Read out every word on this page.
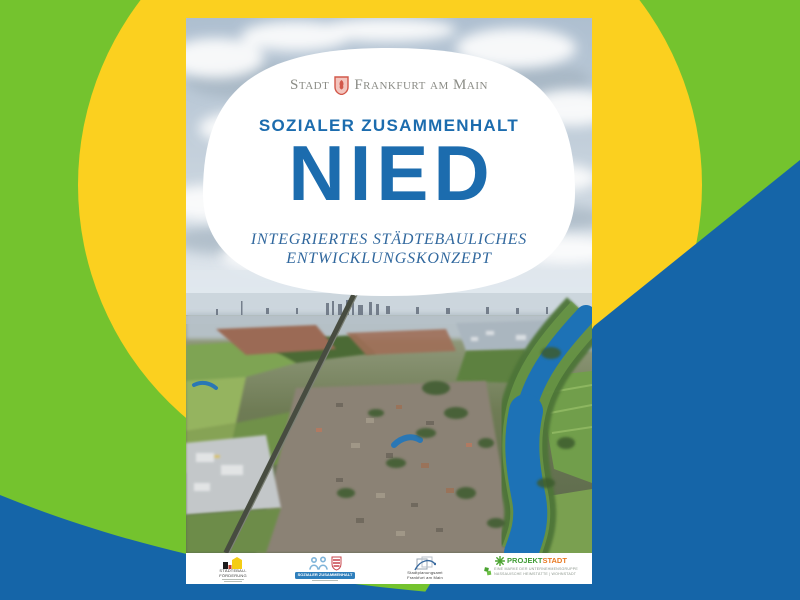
Stadt Frankfurt am Main
SOZIALER ZUSAMMENHALT
NIED
INTEGRIERTES STÄDTEBAULICHES
ENTWICKLUNGSKONZEPT
STÄDTEBAU-
FÖRDERUNG	SOZIALER ZUSAMMENHALT	Stadtplanungsamt
Frankfurt am Main
PROJEKTSTADT
EINE MARKE DER UNTERNEHMENSGRUPPE
NASSAUISCHE HEIMSTÄTTE | WOHNSTADT
